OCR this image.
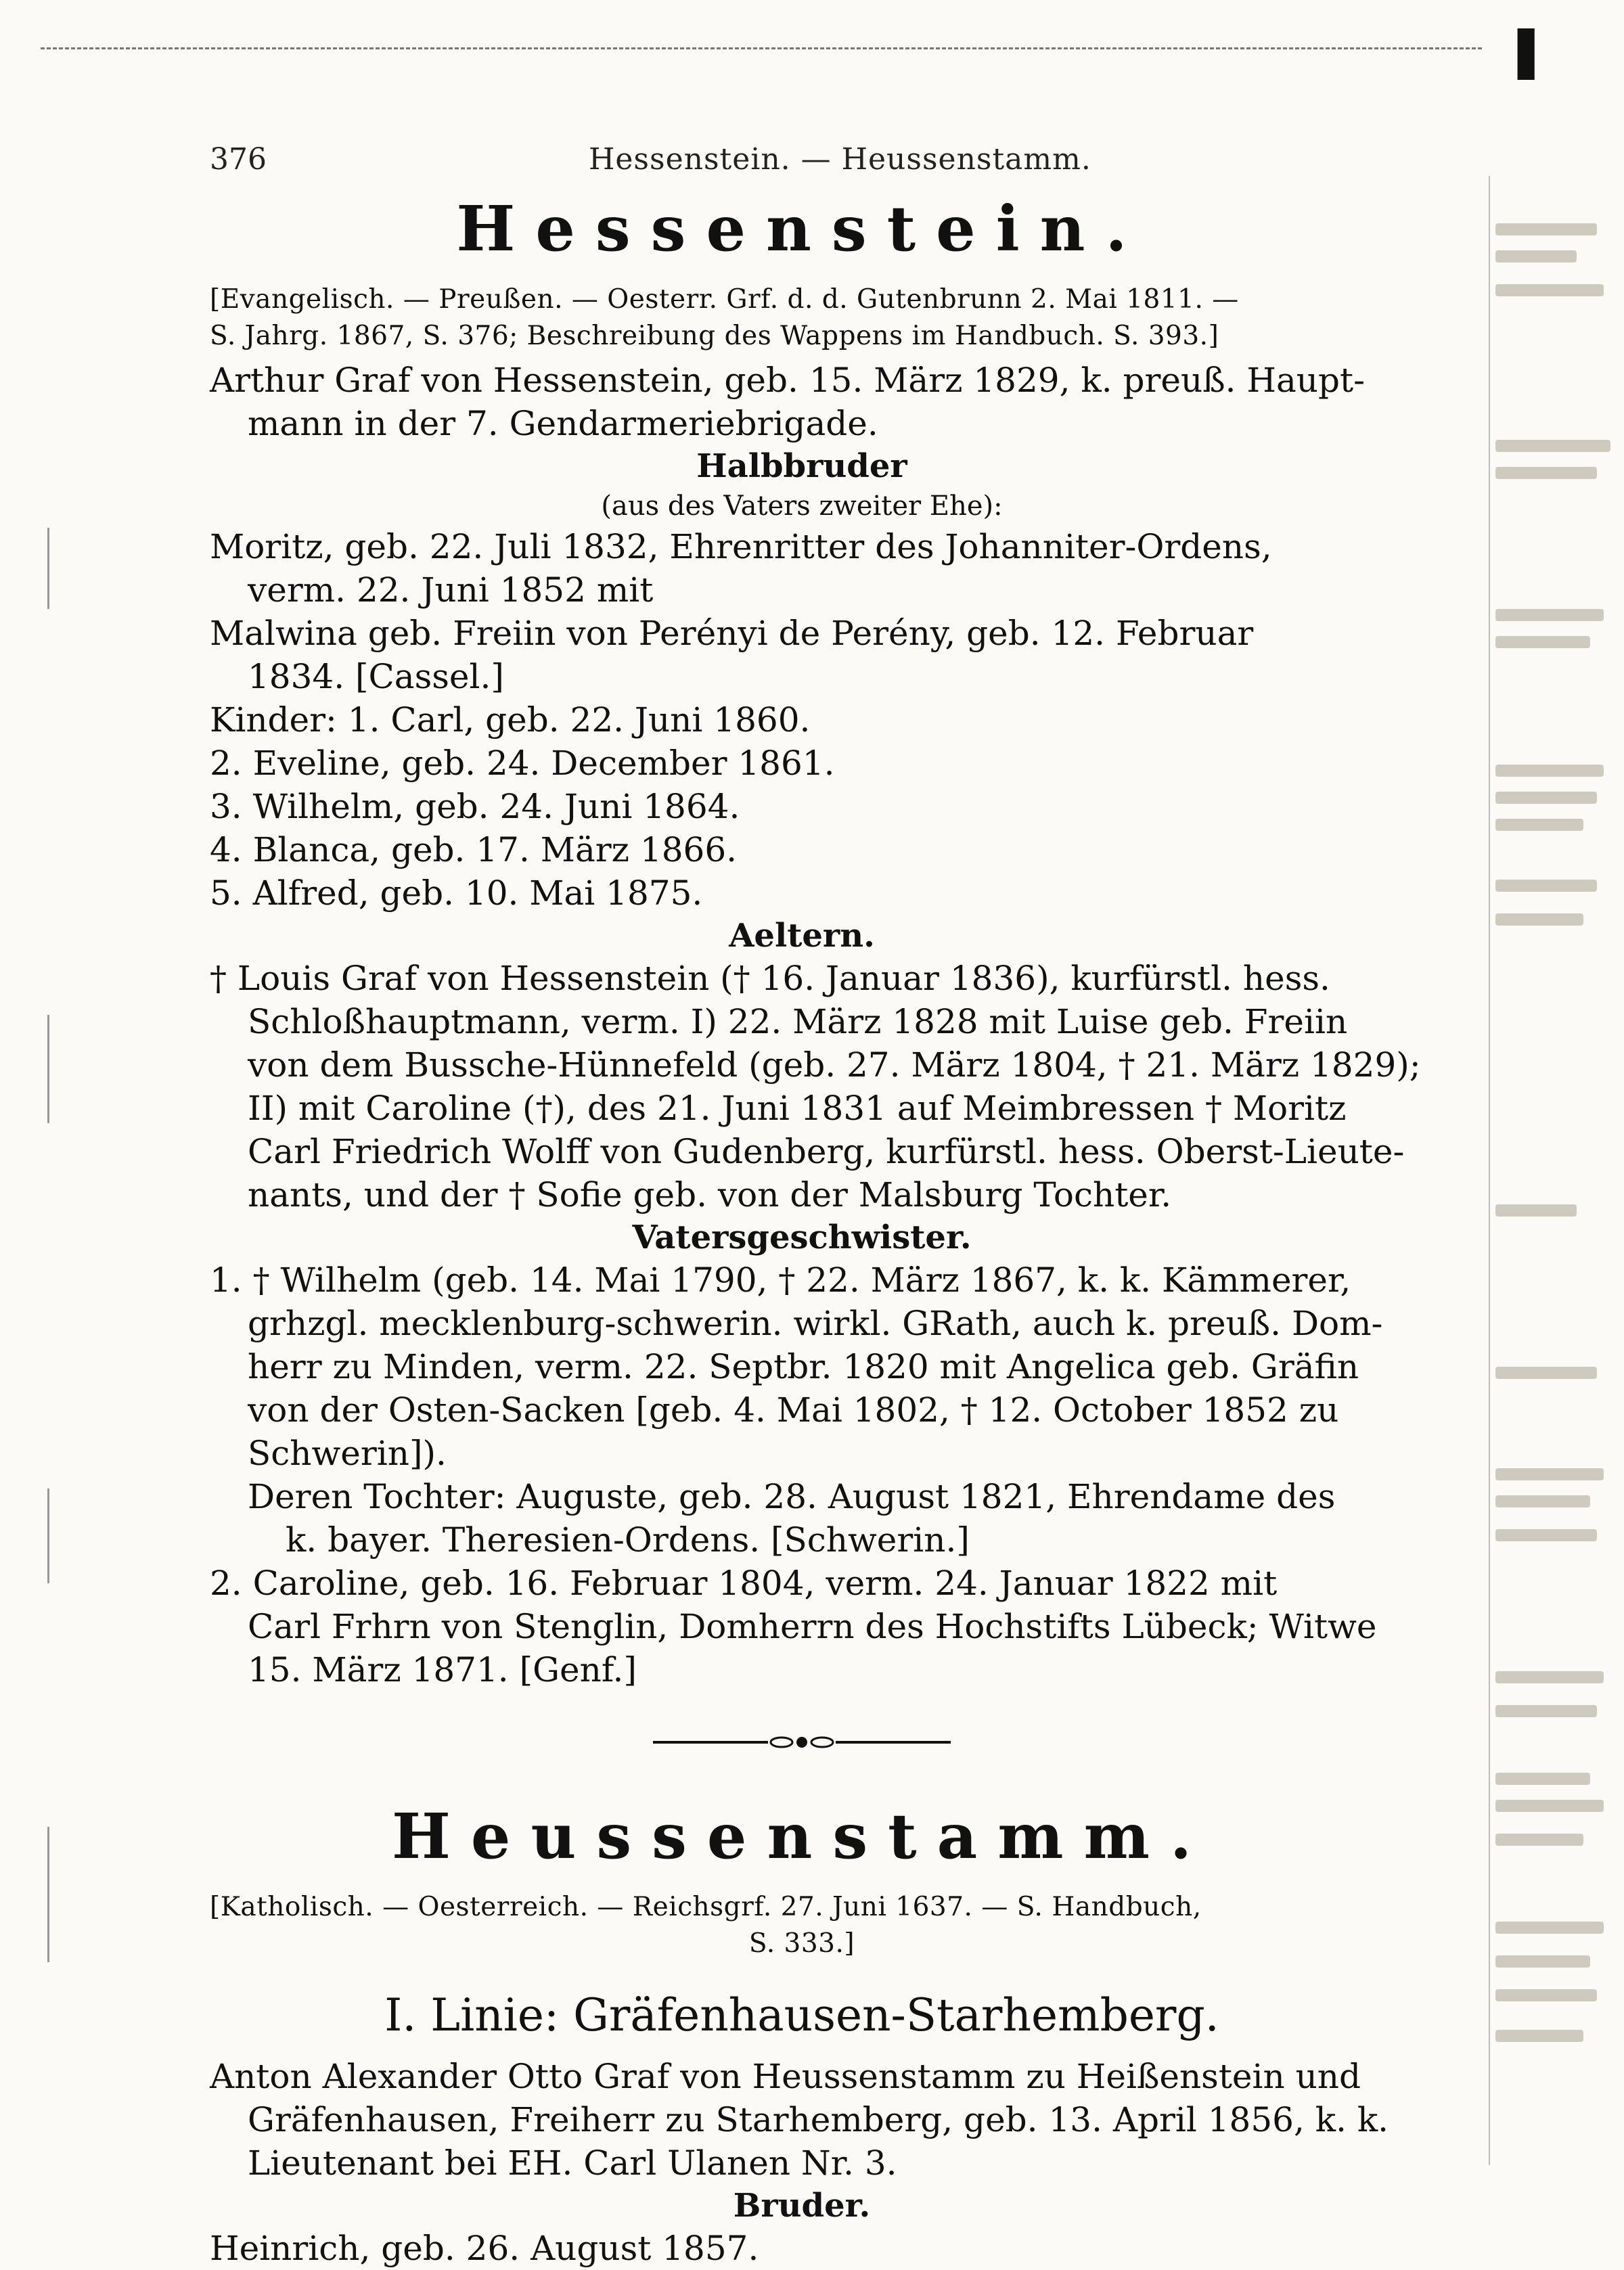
▐
376	Hessenstein. — Heussenstamm.
Hessenstein.
[Evangelisch. — Preußen. — Oesterr. Grf. d. d. Gutenbrunn 2. Mai 1811. —
S. Jahrg. 1867, S. 376; Beschreibung des Wappens im Handbuch. S. 393.]
Arthur Graf von Hessenstein, geb. 15. März 1829, k. preuß. Haupt-
mann in der 7. Gendarmeriebrigade.
Halbbruder
(aus des Vaters zweiter Ehe):
Moritz, geb. 22. Juli 1832, Ehrenritter des Johanniter-Ordens,
verm. 22. Juni 1852 mit
Malwina geb. Freiin von Perényi de Perény, geb. 12. Februar
1834. [Cassel.]
Kinder: 1. Carl, geb. 22. Juni 1860.
2. Eveline, geb. 24. December 1861.
3. Wilhelm, geb. 24. Juni 1864.
4. Blanca, geb. 17. März 1866.
5. Alfred, geb. 10. Mai 1875.
Aeltern.
† Louis Graf von Hessenstein († 16. Januar 1836), kurfürstl. hess.
Schloßhauptmann, verm. I) 22. März 1828 mit Luise geb. Freiin
von dem Bussche-Hünnefeld (geb. 27. März 1804, † 21. März 1829);
II) mit Caroline (†), des 21. Juni 1831 auf Meimbressen † Moritz
Carl Friedrich Wolff von Gudenberg, kurfürstl. hess. Oberst-Lieute-
nants, und der † Sofie geb. von der Malsburg Tochter.
Vatersgeschwister.
1. † Wilhelm (geb. 14. Mai 1790, † 22. März 1867, k. k. Kämmerer,
grhzgl. mecklenburg-schwerin. wirkl. GRath, auch k. preuß. Dom-
herr zu Minden, verm. 22. Septbr. 1820 mit Angelica geb. Gräfin
von der Osten-Sacken [geb. 4. Mai 1802, † 12. October 1852 zu
Schwerin]).
Deren Tochter: Auguste, geb. 28. August 1821, Ehrendame des
k. bayer. Theresien-Ordens. [Schwerin.]
2. Caroline, geb. 16. Februar 1804, verm. 24. Januar 1822 mit
Carl Frhrn von Stenglin, Domherrn des Hochstifts Lübeck; Witwe
15. März 1871. [Genf.]
Heussenstamm.
[Katholisch. — Oesterreich. — Reichsgrf. 27. Juni 1637. — S. Handbuch,
S. 333.]
I. Linie: Gräfenhausen-Starhemberg.
Anton Alexander Otto Graf von Heussenstamm zu Heißenstein und
Gräfenhausen, Freiherr zu Starhemberg, geb. 13. April 1856, k. k.
Lieutenant bei EH. Carl Ulanen Nr. 3.
Bruder.
Heinrich, geb. 26. August 1857.
